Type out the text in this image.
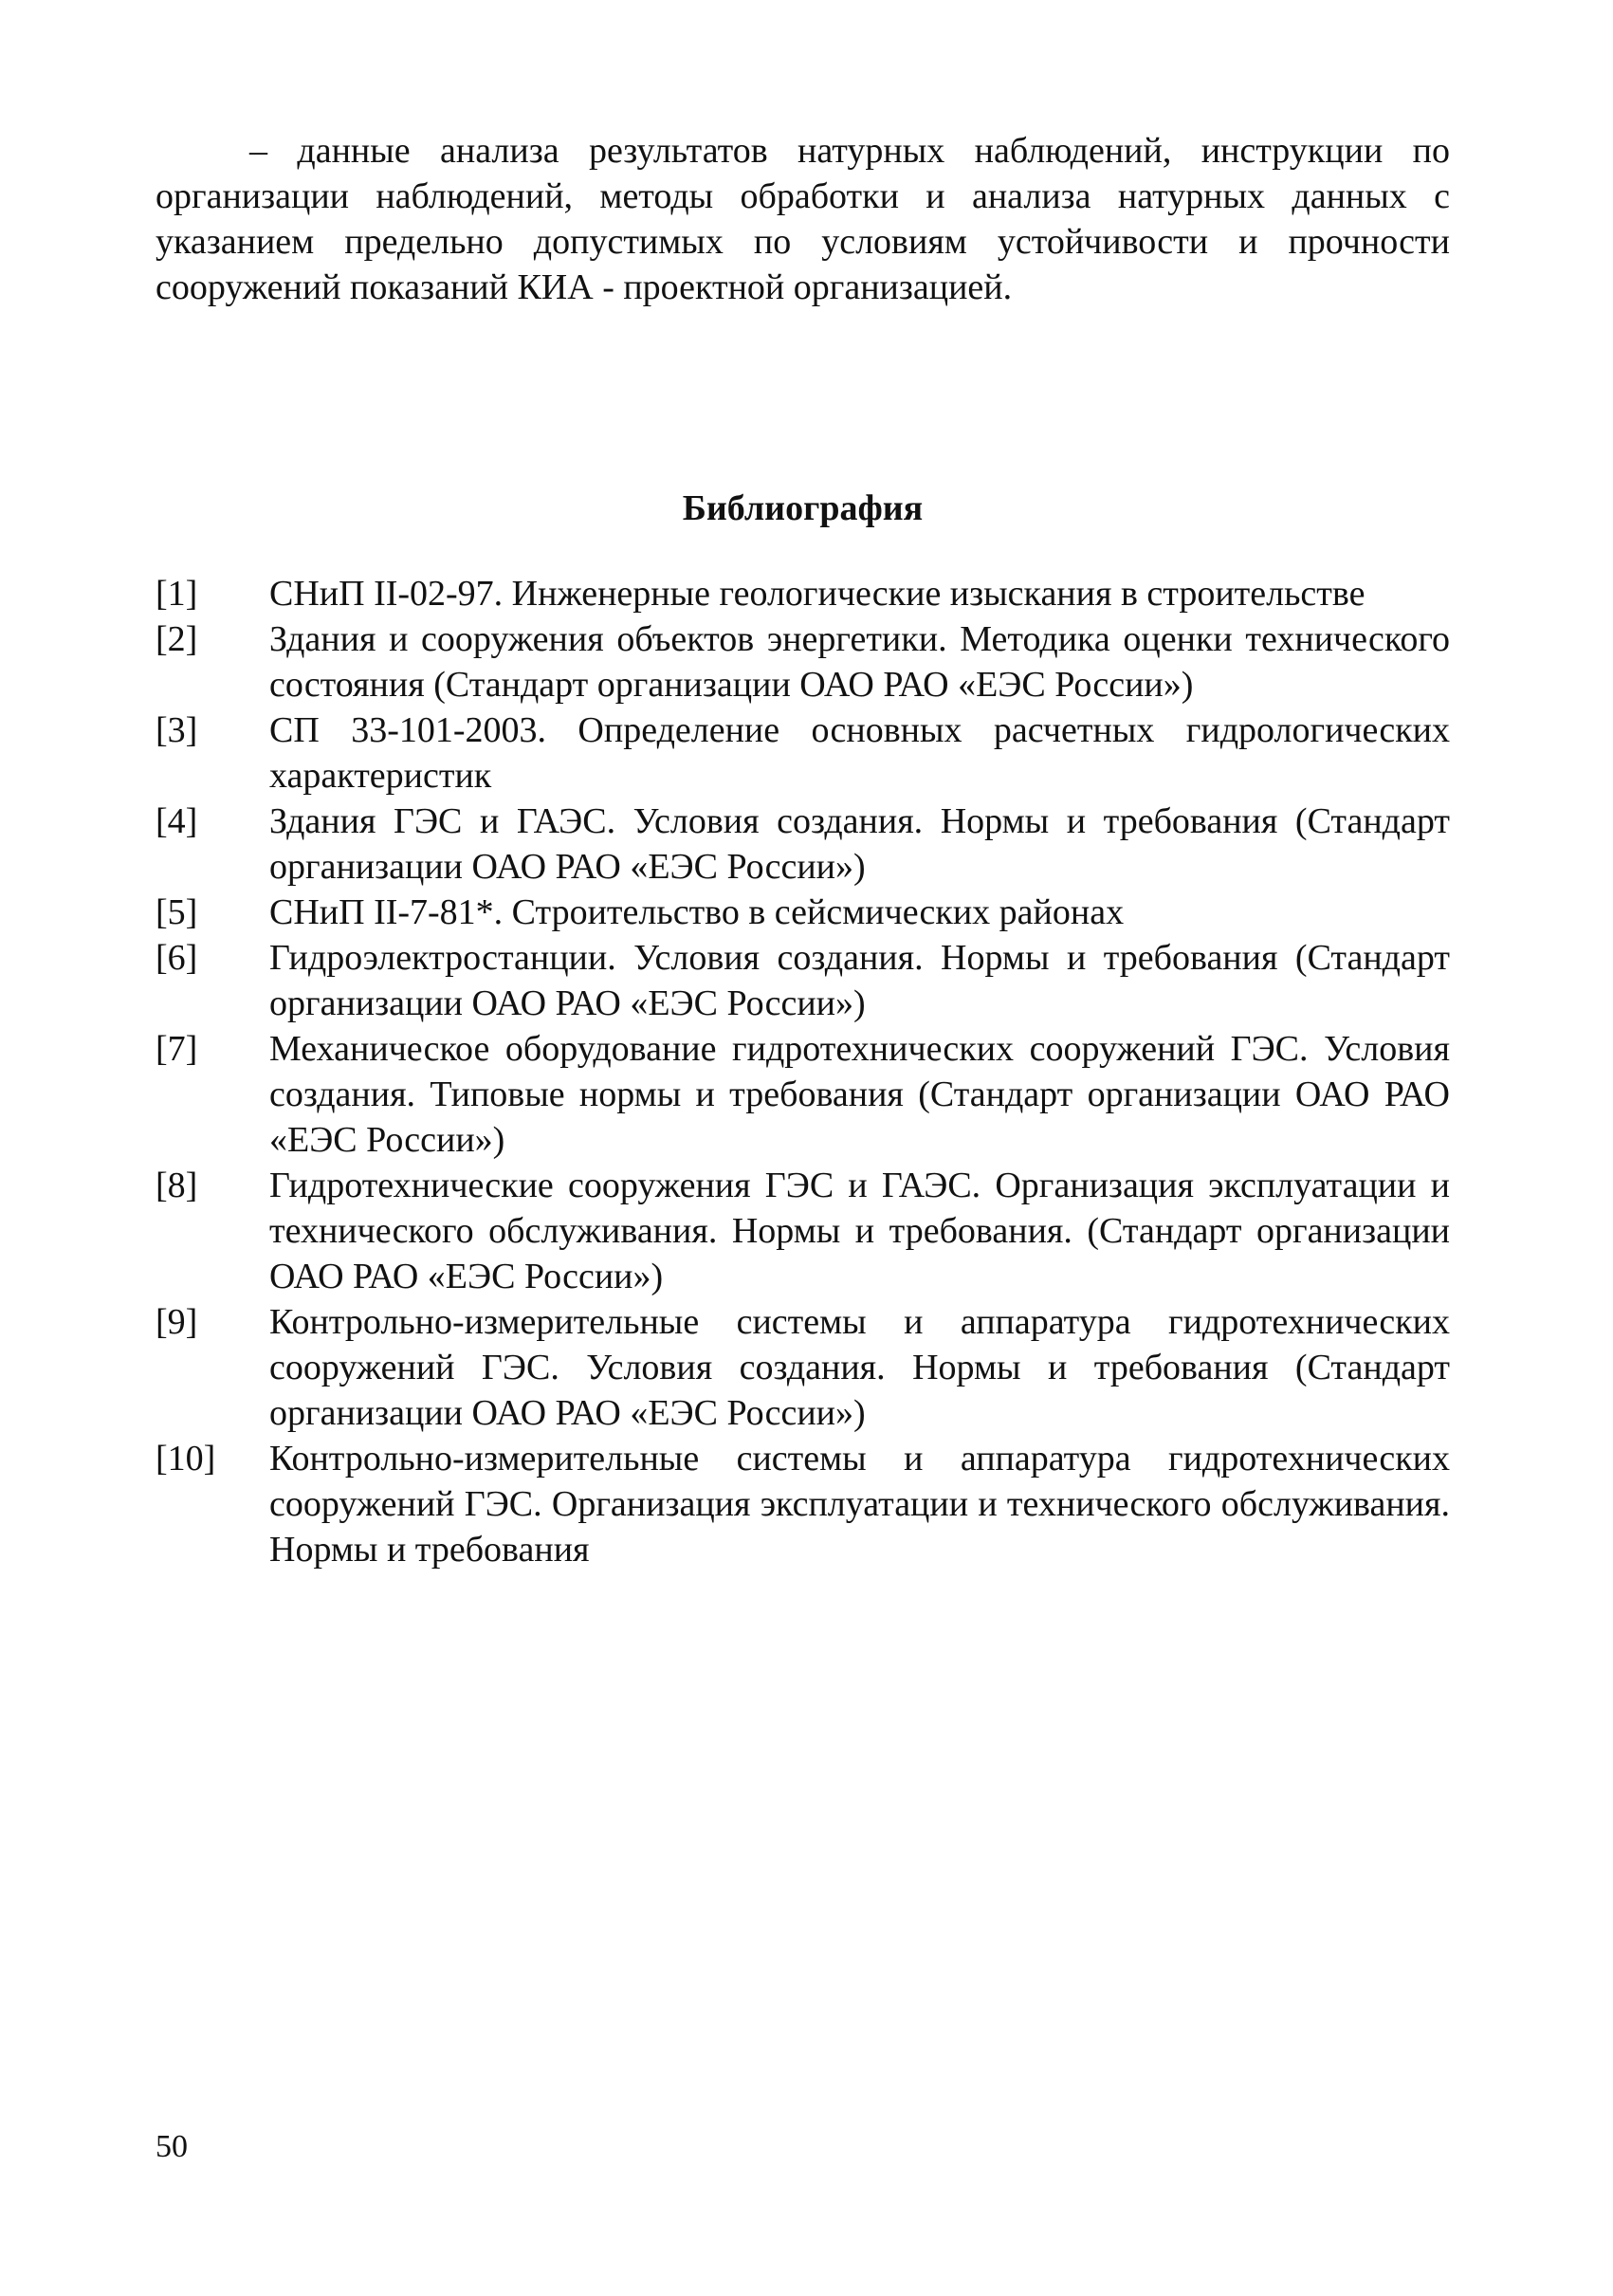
– данные анализа результатов натурных наблюдений, инструкции по организации наблюдений, методы обработки и анализа натурных данных с указанием предельно допустимых по условиям устойчивости и прочности сооружений показаний КИА - проектной организацией.

Библиография
[1]	СНиП II-02-97. Инженерные геологические изыскания в строительстве
[2]	Здания и сооружения объектов энергетики. Методика оценки технического состояния (Стандарт организации ОАО РАО «ЕЭС России»)
[3]	СП 33-101-2003. Определение основных расчетных гидрологических характеристик
[4]	Здания ГЭС и ГАЭС. Условия создания. Нормы и требования (Стандарт организации ОАО РАО «ЕЭС России»)
[5]	СНиП II-7-81*. Строительство в сейсмических районах
[6]	Гидроэлектростанции. Условия создания. Нормы и требования (Стандарт организации ОАО РАО «ЕЭС России»)
[7]	Механическое оборудование гидротехнических сооружений ГЭС. Условия создания. Типовые нормы и требования (Стандарт организации ОАО РАО «ЕЭС России»)
[8]	Гидротехнические сооружения ГЭС и ГАЭС. Организация эксплуатации и технического обслуживания. Нормы и требования. (Стандарт организации ОАО РАО «ЕЭС России»)
[9]	Контрольно-измерительные системы и аппаратура гидротехнических сооружений ГЭС. Условия создания. Нормы и требования (Стандарт организации ОАО РАО «ЕЭС России»)
[10]	Контрольно-измерительные системы и аппаратура гидротехнических сооружений ГЭС. Организация эксплуатации и технического обслуживания. Нормы и требования
50
